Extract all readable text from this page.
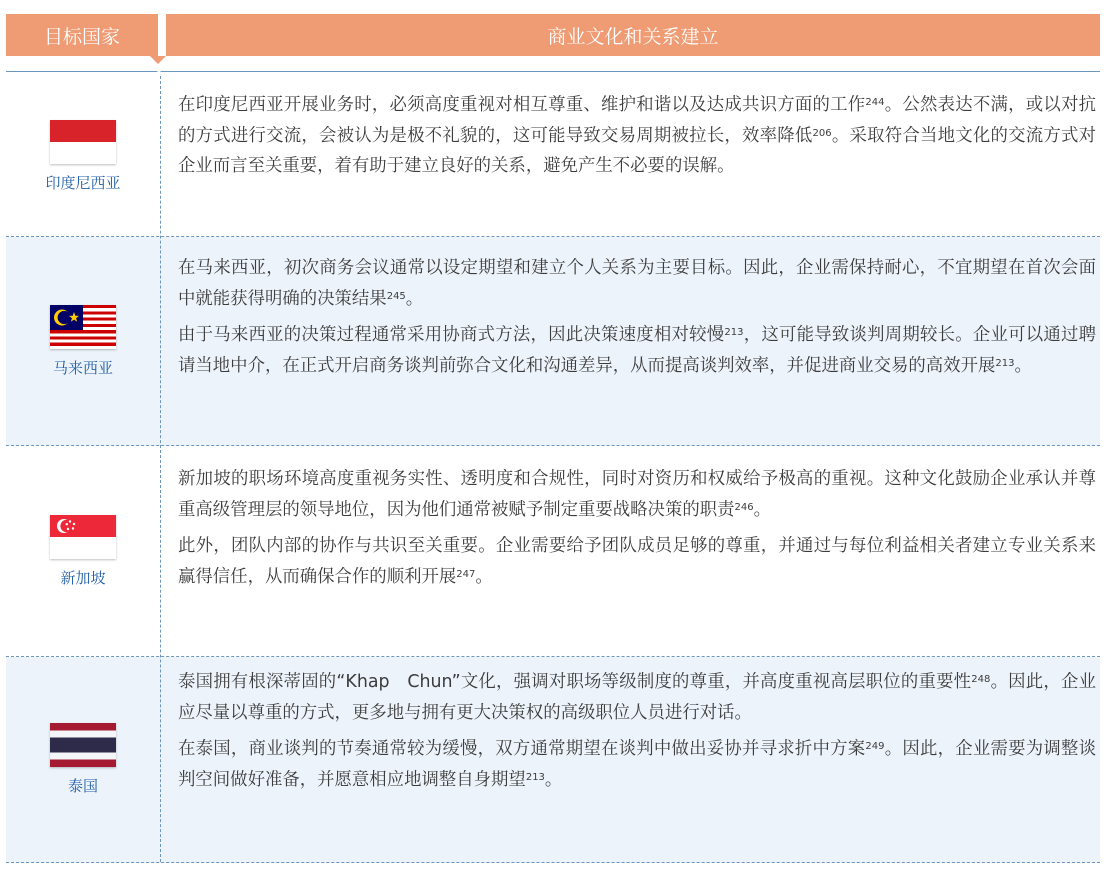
目标国家	商业文化和关系建立
印度尼西亚

在印度尼西亚开展业务时，必须高度重视对相互尊重、维护和谐以及达成共识方面的工作$^{244}$。公然表达不满，或以对抗的方式进行交流，会被认为是极不礼貌的，这可能导致交易周期被拉长，效率降低$^{206}$。采取符合当地文化的交流方式对企业而言至关重要，着有助于建立良好的关系，避免产生不必要的误解。

马来西亚

在马来西亚，初次商务会议通常以设定期望和建立个人关系为主要目标。因此，企业需保持耐心，不宜期望在首次会面中就能获得明确的决策结果$^{245}$。

由于马来西亚的决策过程通常采用协商式方法，因此决策速度相对较慢$^{213}$，这可能导致谈判周期较长。企业可以通过聘请当地中介，在正式开启商务谈判前弥合文化和沟通差异，从而提高谈判效率，并促进商业交易的高效开展$^{213}$。

新加坡

新加坡的职场环境高度重视务实性、透明度和合规性，同时对资历和权威给予极高的重视。这种文化鼓励企业承认并尊重高级管理层的领导地位，因为他们通常被赋予制定重要战略决策的职责$^{246}$。

此外，团队内部的协作与共识至关重要。企业需要给予团队成员足够的尊重，并通过与每位利益相关者建立专业关系来赢得信任，从而确保合作的顺利开展$^{247}$。

泰国

泰国拥有根深蒂固的“Khap　Chun”文化，强调对职场等级制度的尊重，并高度重视高层职位的重要性$^{248}$。因此，企业应尽量以尊重的方式，更多地与拥有更大决策权的高级职位人员进行对话。

在泰国，商业谈判的节奏通常较为缓慢，双方通常期望在谈判中做出妥协并寻求折中方案$^{249}$。因此，企业需要为调整谈判空间做好准备，并愿意相应地调整自身期望$^{213}$。
